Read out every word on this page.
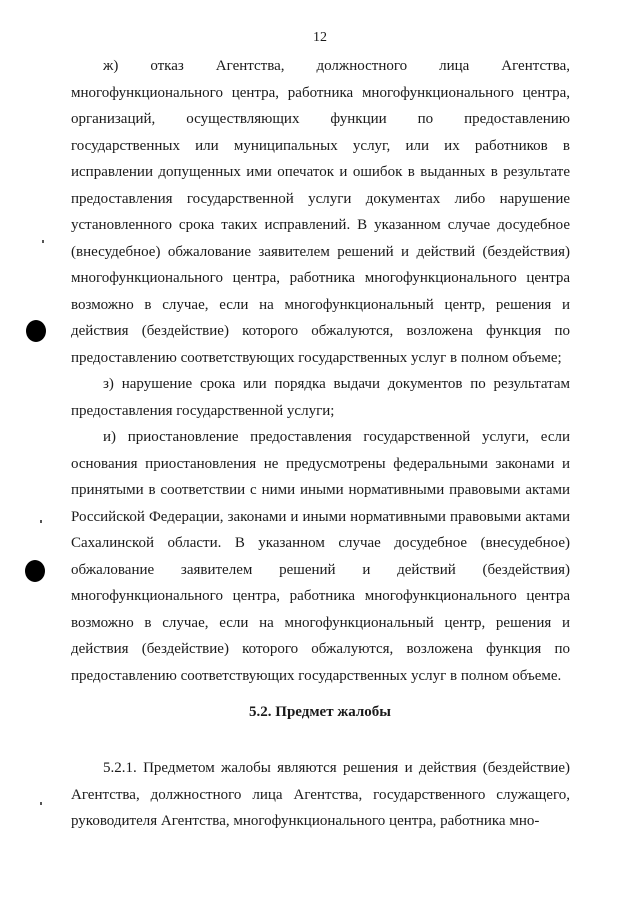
12

ж) отказ Агентства, должностного лица Агентства, многофункционального центра, работника многофункционального центра, организаций, осуществляющих функции по предоставлению государственных или муниципальных услуг, или их работников в исправлении допущенных ими опечаток и ошибок в выданных в результате предоставления государственной услуги документах либо нарушение установленного срока таких исправлений. В указанном случае досудебное (внесудебное) обжалование заявителем решений и действий (бездействия) многофункционального центра, работника многофункционального центра возможно в случае, если на многофункциональный центр, решения и действия (бездействие) которого обжалуются, возложена функция по предоставлению соответствующих государственных услуг в полном объеме;

з) нарушение срока или порядка выдачи документов по результатам предоставления государственной услуги;

и) приостановление предоставления государственной услуги, если основания приостановления не предусмотрены федеральными законами и принятыми в соответствии с ними иными нормативными правовыми актами Российской Федерации, законами и иными нормативными правовыми актами Сахалинской области. В указанном случае досудебное (внесудебное) обжалование заявителем решений и действий (бездействия) многофункционального центра, работника многофункционального центра возможно в случае, если на многофункциональный центр, решения и действия (бездействие) которого обжалуются, возложена функция по предоставлению соответствующих государственных услуг в полном объеме.

5.2. Предмет жалобы

5.2.1. Предметом жалобы являются решения и действия (бездействие) Агентства, должностного лица Агентства, государственного служащего, руководителя Агентства, многофункционального центра, работника мно-
